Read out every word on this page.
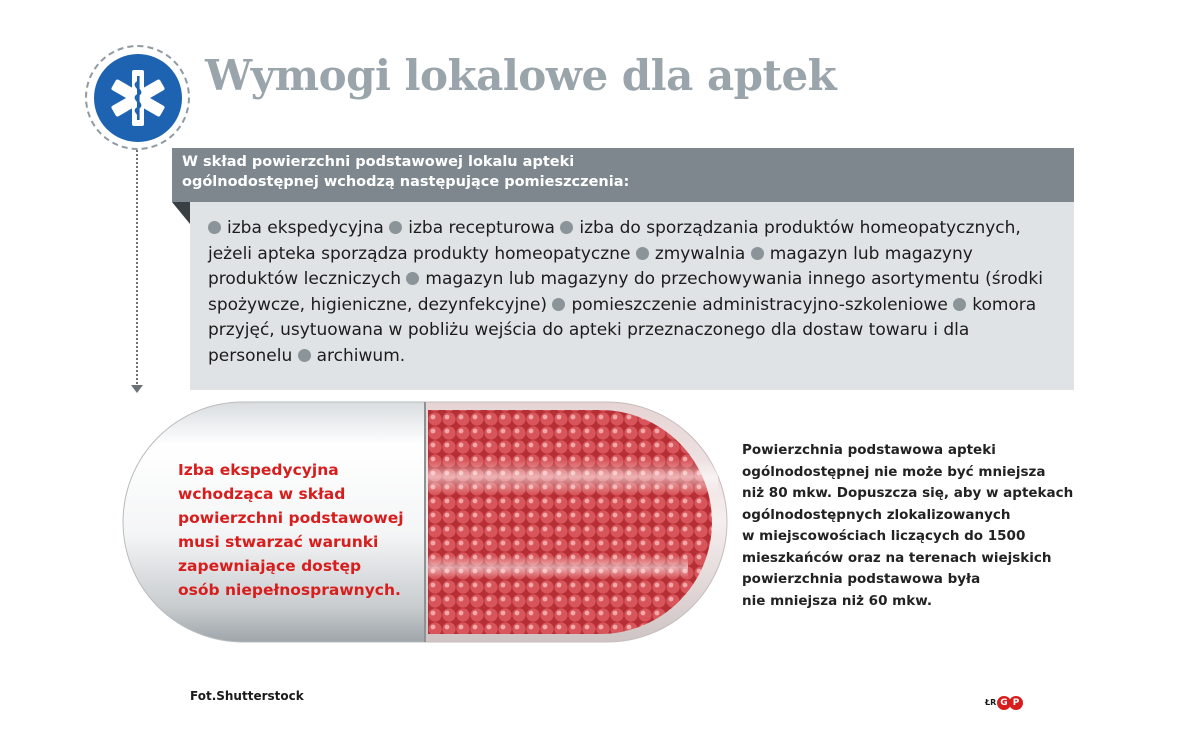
Wymogi lokalowe dla aptek
W skład powierzchni podstawowej lokalu apteki
ogólnodostępnej wchodzą następujące pomieszczenia:
izba ekspedycyjna izba recepturowa izba do sporządzania produktów homeopatycznych, jeżeli apteka sporządza produkty homeopatyczne zmywalnia magazyn lub magazyny produktów leczniczych magazyn lub magazyny do przechowywania innego asortymentu (środki spożywcze, higieniczne, dezynfekcyjne) pomieszczenie administracyjno-szkoleniowe komora przyjęć, usytuowana w pobliżu wejścia do apteki przeznaczonego dla dostaw towaru i dla personelu archiwum.
Izba ekspedycyjna
wchodząca w skład
powierzchni podstawowej
musi stwarzać warunki
zapewniające dostęp
osób niepełnosprawnych.
Powierzchnia podstawowa apteki
ogólnodostępnej nie może być mniejsza
niż 80 mkw. Dopuszcza się, aby w aptekach
ogólnodostępnych zlokalizowanych
w miejscowościach liczących do 1500
mieszkańców oraz na terenach wiejskich
powierzchnia podstawowa była
nie mniejsza niż 60 mkw.
Fot.Shutterstock	ŁR G P
